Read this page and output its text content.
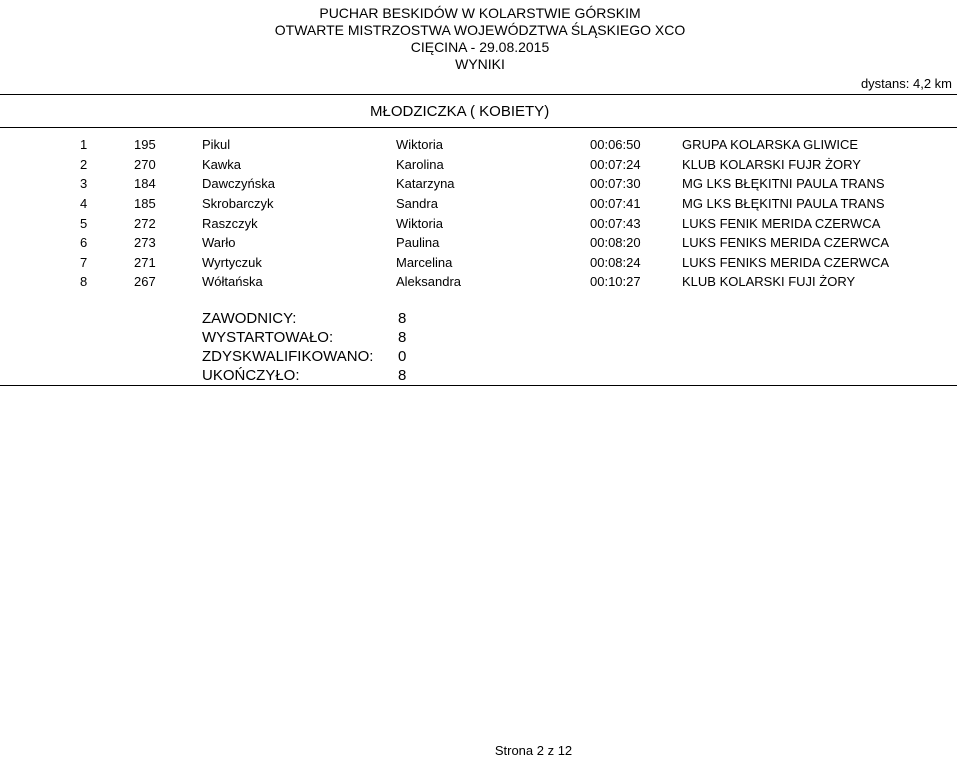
PUCHAR BESKIDÓW W KOLARSTWIE GÓRSKIM
OTWARTE MISTRZOSTWA WOJEWÓDZTWA ŚLĄSKIEGO XCO
CIĘCINA - 29.08.2015
WYNIKI
dystans: 4,2 km
MŁODZICZKA ( KOBIETY)
1	195	Pikul	Wiktoria	00:06:50	GRUPA KOLARSKA GLIWICE
2	270	Kawka	Karolina	00:07:24	KLUB KOLARSKI FUJR ŻORY
3	184	Dawczyńska	Katarzyna	00:07:30	MG LKS BŁĘKITNI PAULA TRANS
4	185	Skrobarczyk	Sandra	00:07:41	MG LKS BŁĘKITNI PAULA TRANS
5	272	Raszczyk	Wiktoria	00:07:43	LUKS FENIK MERIDA CZERWCA
6	273	Warło	Paulina	00:08:20	LUKS FENIKS MERIDA CZERWCA
7	271	Wyrtyczuk	Marcelina	00:08:24	LUKS FENIKS MERIDA CZERWCA
8	267	Wółtańska	Aleksandra	00:10:27	KLUB KOLARSKI FUJI ŻORY
ZAWODNICY:	8
WYSTARTOWAŁO:	8
ZDYSKWALIFIKOWANO:	0
UKOŃCZYŁO:	8
Strona 2 z 12
